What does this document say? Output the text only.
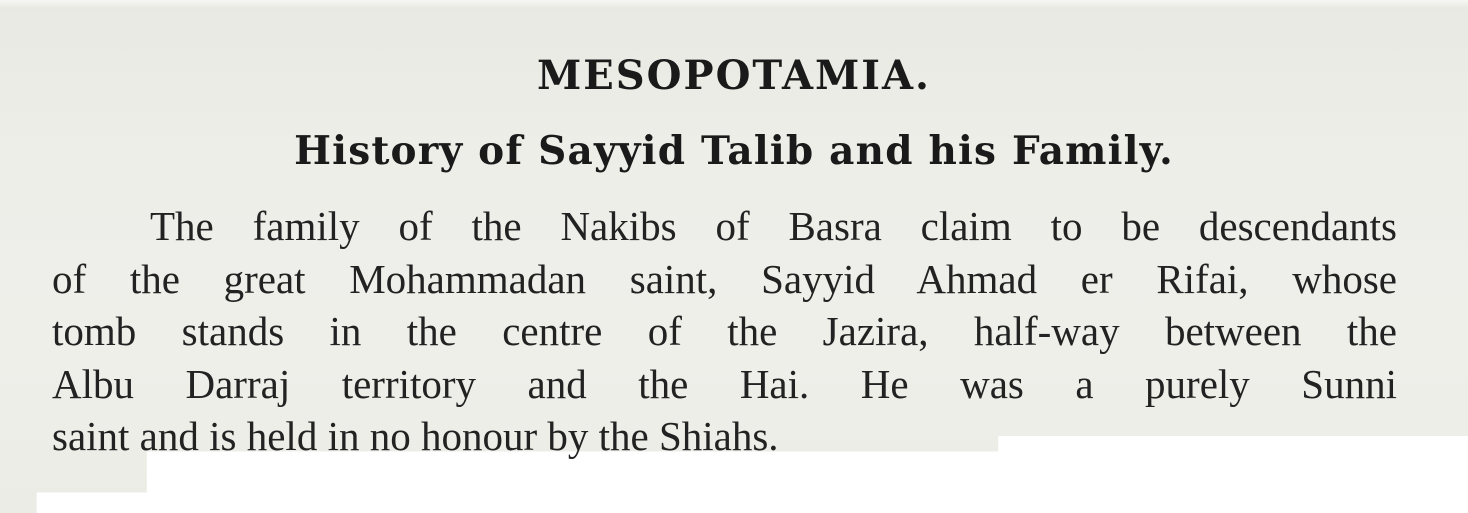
MESOPOTAMIA.
History of Sayyid Talib and his Family.
The family of the Nakibs of Basra claim to be descendants
of the great Mohammadan saint, Sayyid Ahmad er Rifai, whose
tomb stands in the centre of the Jazira, half-way between the
Albu Darraj territory and the Hai. He was a purely Sunni
saint and is held in no honour by the Shiahs.
